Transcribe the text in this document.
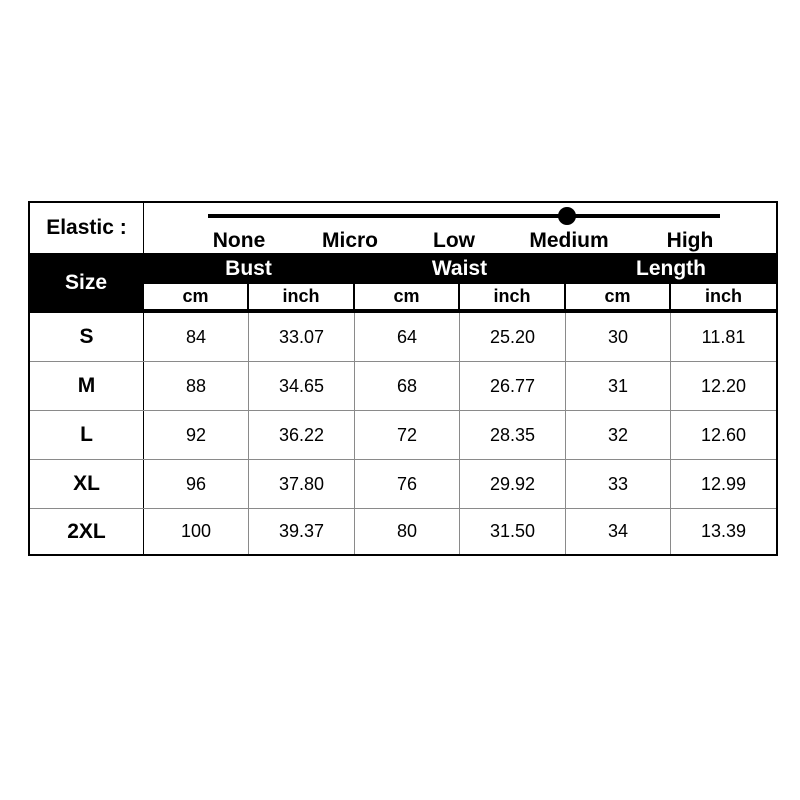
Elastic :
None	Micro	Low	Medium	High
Size
Bust	Waist	Length
cm	inch	cm	inch	cm	inch
S	84	33.07	64	25.20	30	11.81
M	88	34.65	68	26.77	31	12.20
L	92	36.22	72	28.35	32	12.60
XL	96	37.80	76	29.92	33	12.99
2XL	100	39.37	80	31.50	34	13.39
